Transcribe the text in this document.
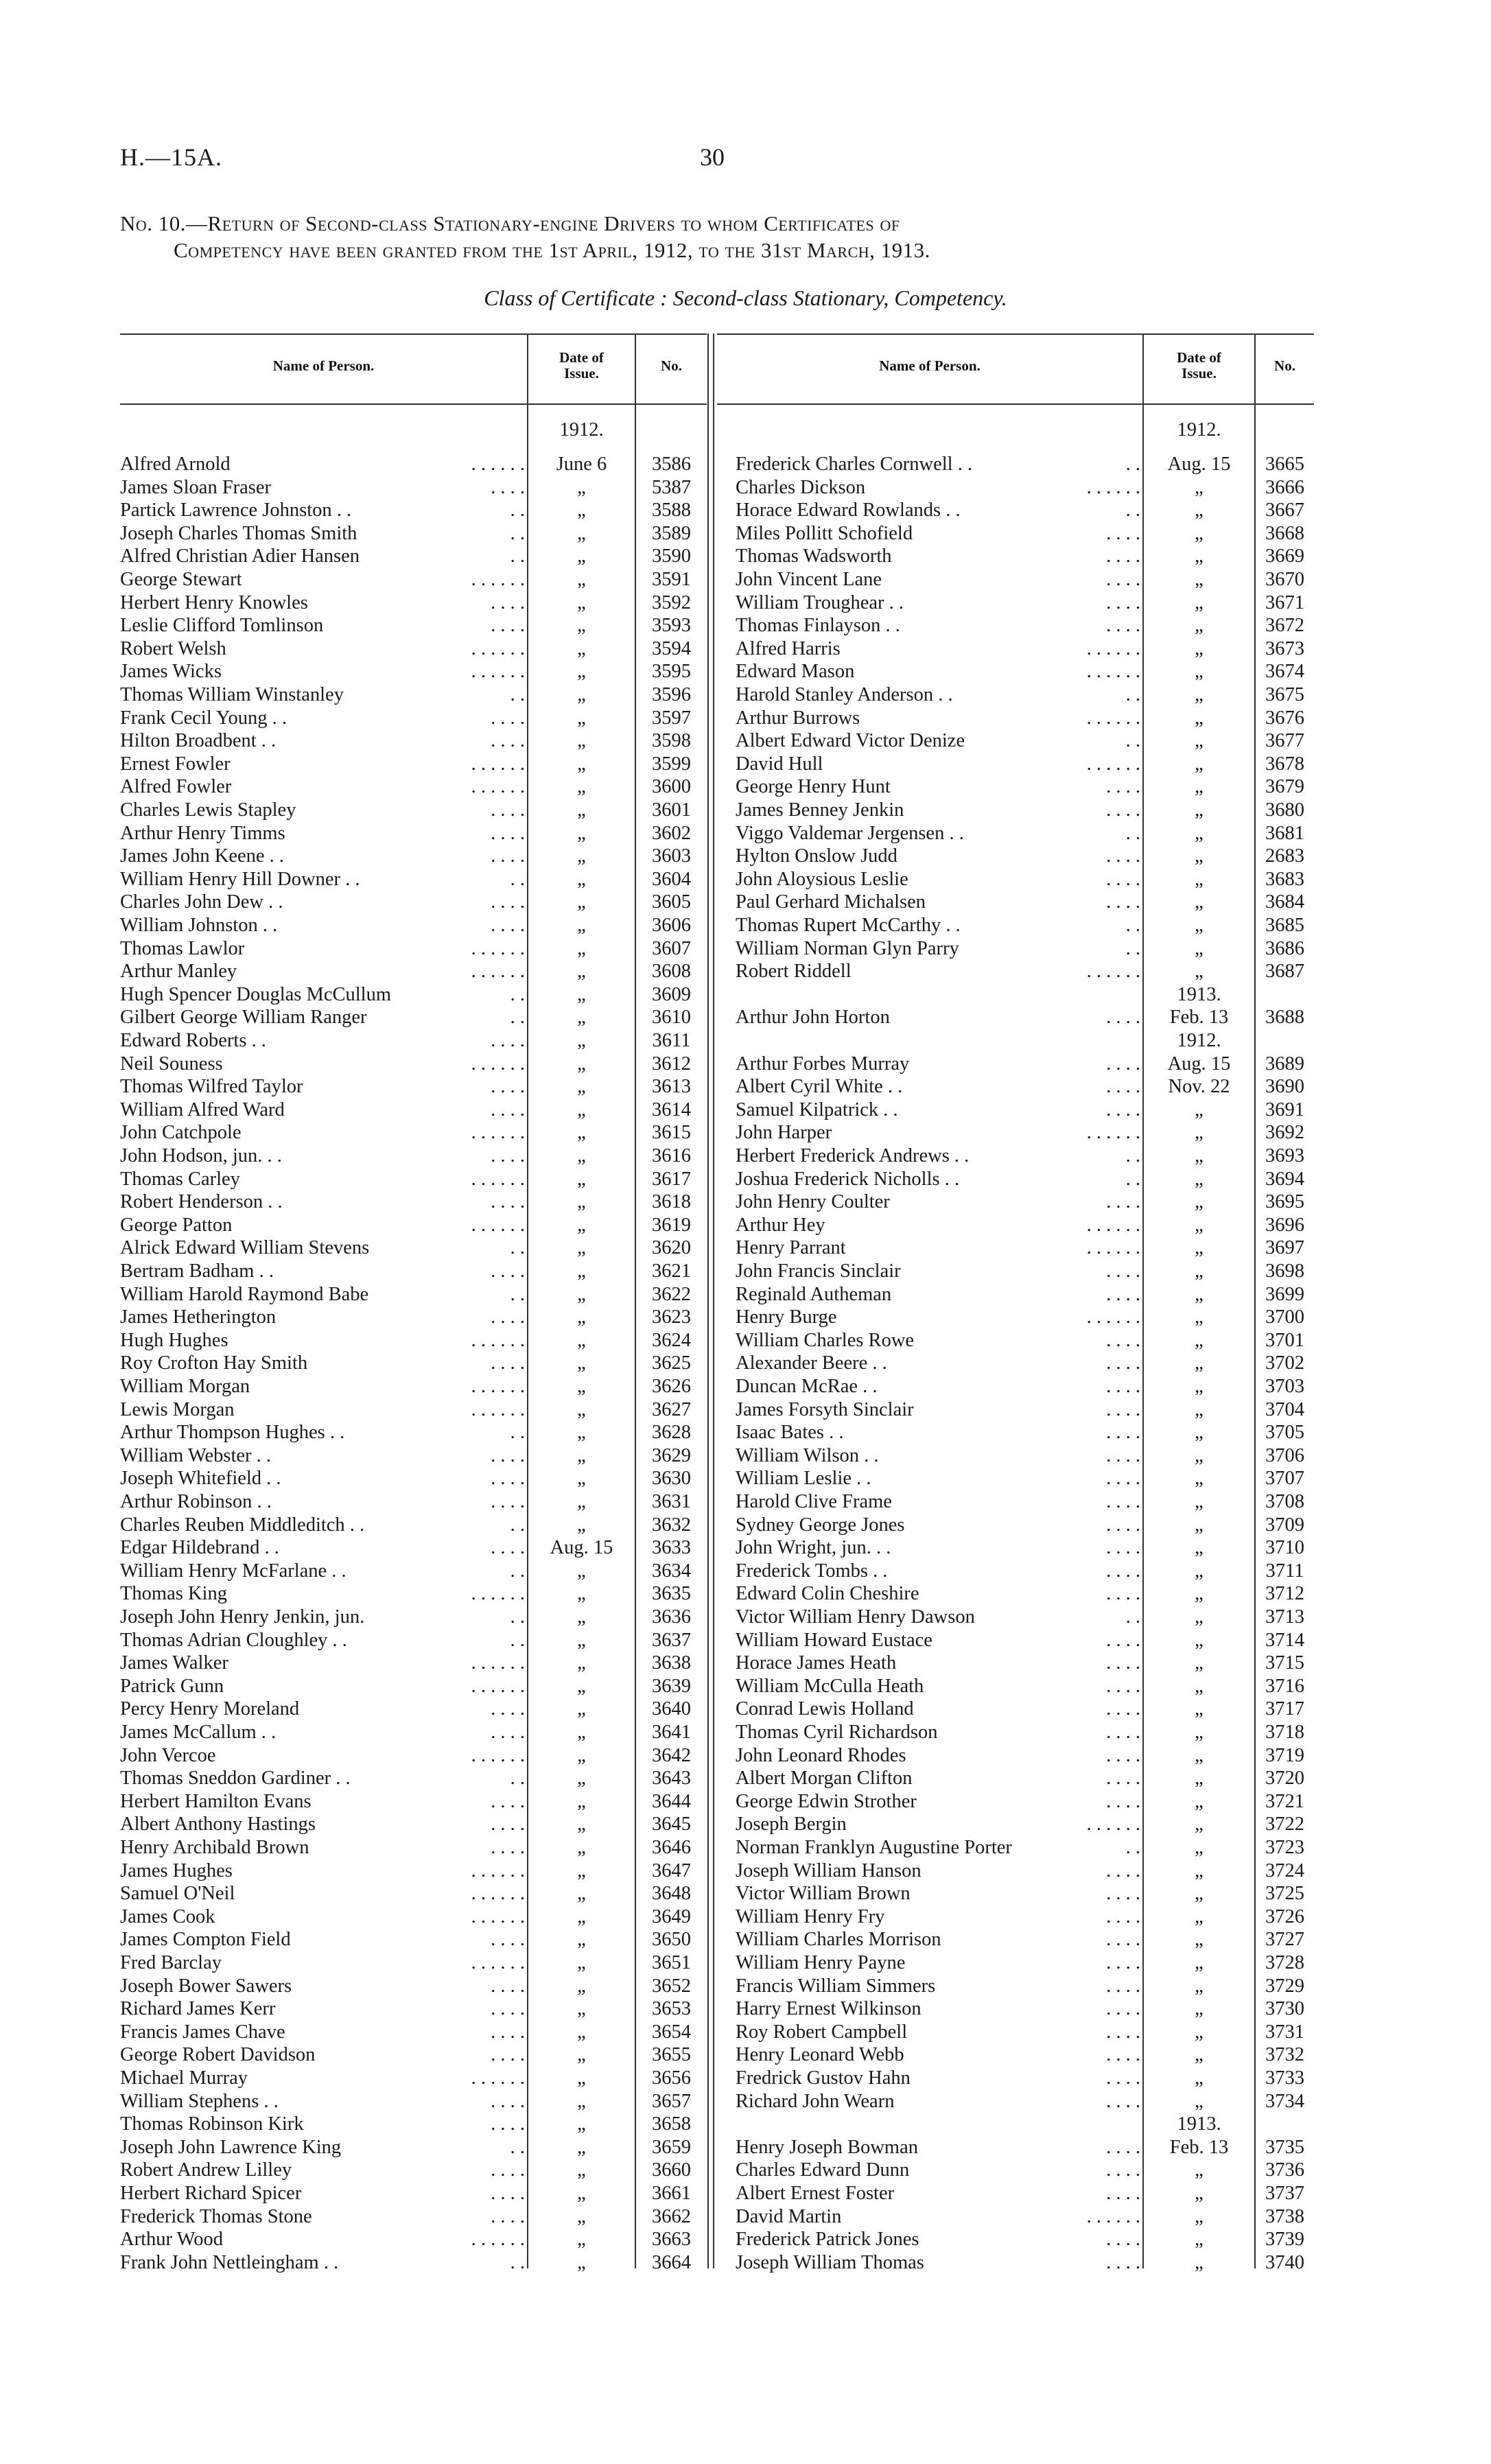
H.—15A.	30
No. 10.—Return of Second-class Stationary-engine Drivers to whom Certificates of
Competency have been granted from the 1st April, 1912, to the 31st March, 1913.
Class of Certificate : Second-class Stationary, Competency.
Name of Person.	Date of
Issue.	No.	Name of Person.	Date of
Issue.	No.
1912.
Alfred Arnold	. . . . . .	June 6	3586
James Sloan Fraser	. . . .	„	5387
Partick Lawrence Johnston . .	. .	„	3588
Joseph Charles Thomas Smith	. .	„	3589
Alfred Christian Adier Hansen	. .	„	3590
George Stewart	. . . . . .	„	3591
Herbert Henry Knowles	. . . .	„	3592
Leslie Clifford Tomlinson	. . . .	„	3593
Robert Welsh	. . . . . .	„	3594
James Wicks	. . . . . .	„	3595
Thomas William Winstanley	. .	„	3596
Frank Cecil Young . .	. . . .	„	3597
Hilton Broadbent . .	. . . .	„	3598
Ernest Fowler	. . . . . .	„	3599
Alfred Fowler	. . . . . .	„	3600
Charles Lewis Stapley	. . . .	„	3601
Arthur Henry Timms	. . . .	„	3602
James John Keene . .	. . . .	„	3603
William Henry Hill Downer . .	. .	„	3604
Charles John Dew . .	. . . .	„	3605
William Johnston . .	. . . .	„	3606
Thomas Lawlor	. . . . . .	„	3607
Arthur Manley	. . . . . .	„	3608
Hugh Spencer Douglas McCullum	. .	„	3609
Gilbert George William Ranger	. .	„	3610
Edward Roberts . .	. . . .	„	3611
Neil Souness	. . . . . .	„	3612
Thomas Wilfred Taylor	. . . .	„	3613
William Alfred Ward	. . . .	„	3614
John Catchpole	. . . . . .	„	3615
John Hodson, jun. . .	. . . .	„	3616
Thomas Carley	. . . . . .	„	3617
Robert Henderson . .	. . . .	„	3618
George Patton	. . . . . .	„	3619
Alrick Edward William Stevens	. .	„	3620
Bertram Badham . .	. . . .	„	3621
William Harold Raymond Babe	. .	„	3622
James Hetherington	. . . .	„	3623
Hugh Hughes	. . . . . .	„	3624
Roy Crofton Hay Smith	. . . .	„	3625
William Morgan	. . . . . .	„	3626
Lewis Morgan	. . . . . .	„	3627
Arthur Thompson Hughes . .	. .	„	3628
William Webster . .	. . . .	„	3629
Joseph Whitefield . .	. . . .	„	3630
Arthur Robinson . .	. . . .	„	3631
Charles Reuben Middleditch . .	. .	„	3632
Edgar Hildebrand . .	. . . .	Aug. 15	3633
William Henry McFarlane . .	. .	„	3634
Thomas King	. . . . . .	„	3635
Joseph John Henry Jenkin, jun.	. .	„	3636
Thomas Adrian Cloughley . .	. .	„	3637
James Walker	. . . . . .	„	3638
Patrick Gunn	. . . . . .	„	3639
Percy Henry Moreland	. . . .	„	3640
James McCallum . .	. . . .	„	3641
John Vercoe	. . . . . .	„	3642
Thomas Sneddon Gardiner . .	. .	„	3643
Herbert Hamilton Evans	. . . .	„	3644
Albert Anthony Hastings	. . . .	„	3645
Henry Archibald Brown	. . . .	„	3646
James Hughes	. . . . . .	„	3647
Samuel O'Neil	. . . . . .	„	3648
James Cook	. . . . . .	„	3649
James Compton Field	. . . .	„	3650
Fred Barclay	. . . . . .	„	3651
Joseph Bower Sawers	. . . .	„	3652
Richard James Kerr	. . . .	„	3653
Francis James Chave	. . . .	„	3654
George Robert Davidson	. . . .	„	3655
Michael Murray	. . . . . .	„	3656
William Stephens . .	. . . .	„	3657
Thomas Robinson Kirk	. . . .	„	3658
Joseph John Lawrence King	. .	„	3659
Robert Andrew Lilley	. . . .	„	3660
Herbert Richard Spicer	. . . .	„	3661
Frederick Thomas Stone	. . . .	„	3662
Arthur Wood	. . . . . .	„	3663
Frank John Nettleingham . .	. .	„	3664
1912.
Frederick Charles Cornwell . .	. .	Aug. 15	3665
Charles Dickson	. . . . . .	„	3666
Horace Edward Rowlands . .	. .	„	3667
Miles Pollitt Schofield	. . . .	„	3668
Thomas Wadsworth	. . . .	„	3669
John Vincent Lane	. . . .	„	3670
William Troughear . .	. . . .	„	3671
Thomas Finlayson . .	. . . .	„	3672
Alfred Harris	. . . . . .	„	3673
Edward Mason	. . . . . .	„	3674
Harold Stanley Anderson . .	. .	„	3675
Arthur Burrows	. . . . . .	„	3676
Albert Edward Victor Denize	. .	„	3677
David Hull	. . . . . .	„	3678
George Henry Hunt	. . . .	„	3679
James Benney Jenkin	. . . .	„	3680
Viggo Valdemar Jergensen . .	. .	„	3681
Hylton Onslow Judd	. . . .	„	2683
John Aloysious Leslie	. . . .	„	3683
Paul Gerhard Michalsen	. . . .	„	3684
Thomas Rupert McCarthy . .	. .	„	3685
William Norman Glyn Parry	. .	„	3686
Robert Riddell	. . . . . .	„	3687
1913.
Arthur John Horton	. . . .	Feb. 13	3688
1912.
Arthur Forbes Murray	. . . .	Aug. 15	3689
Albert Cyril White . .	. . . .	Nov. 22	3690
Samuel Kilpatrick . .	. . . .	„	3691
John Harper	. . . . . .	„	3692
Herbert Frederick Andrews . .	. .	„	3693
Joshua Frederick Nicholls . .	. .	„	3694
John Henry Coulter	. . . .	„	3695
Arthur Hey	. . . . . .	„	3696
Henry Parrant	. . . . . .	„	3697
John Francis Sinclair	. . . .	„	3698
Reginald Autheman	. . . .	„	3699
Henry Burge	. . . . . .	„	3700
William Charles Rowe	. . . .	„	3701
Alexander Beere . .	. . . .	„	3702
Duncan McRae . .	. . . .	„	3703
James Forsyth Sinclair	. . . .	„	3704
Isaac Bates . .	. . . .	„	3705
William Wilson . .	. . . .	„	3706
William Leslie . .	. . . .	„	3707
Harold Clive Frame	. . . .	„	3708
Sydney George Jones	. . . .	„	3709
John Wright, jun. . .	. . . .	„	3710
Frederick Tombs . .	. . . .	„	3711
Edward Colin Cheshire	. . . .	„	3712
Victor William Henry Dawson	. .	„	3713
William Howard Eustace	. . . .	„	3714
Horace James Heath	. . . .	„	3715
William McCulla Heath	. . . .	„	3716
Conrad Lewis Holland	. . . .	„	3717
Thomas Cyril Richardson	. . . .	„	3718
John Leonard Rhodes	. . . .	„	3719
Albert Morgan Clifton	. . . .	„	3720
George Edwin Strother	. . . .	„	3721
Joseph Bergin	. . . . . .	„	3722
Norman Franklyn Augustine Porter	. .	„	3723
Joseph William Hanson	. . . .	„	3724
Victor William Brown	. . . .	„	3725
William Henry Fry	. . . .	„	3726
William Charles Morrison	. . . .	„	3727
William Henry Payne	. . . .	„	3728
Francis William Simmers	. . . .	„	3729
Harry Ernest Wilkinson	. . . .	„	3730
Roy Robert Campbell	. . . .	„	3731
Henry Leonard Webb	. . . .	„	3732
Fredrick Gustov Hahn	. . . .	„	3733
Richard John Wearn	. . . .	„	3734
1913.
Henry Joseph Bowman	. . . .	Feb. 13	3735
Charles Edward Dunn	. . . .	„	3736
Albert Ernest Foster	. . . .	„	3737
David Martin	. . . . . .	„	3738
Frederick Patrick Jones	. . . .	„	3739
Joseph William Thomas	. . . .	„	3740
